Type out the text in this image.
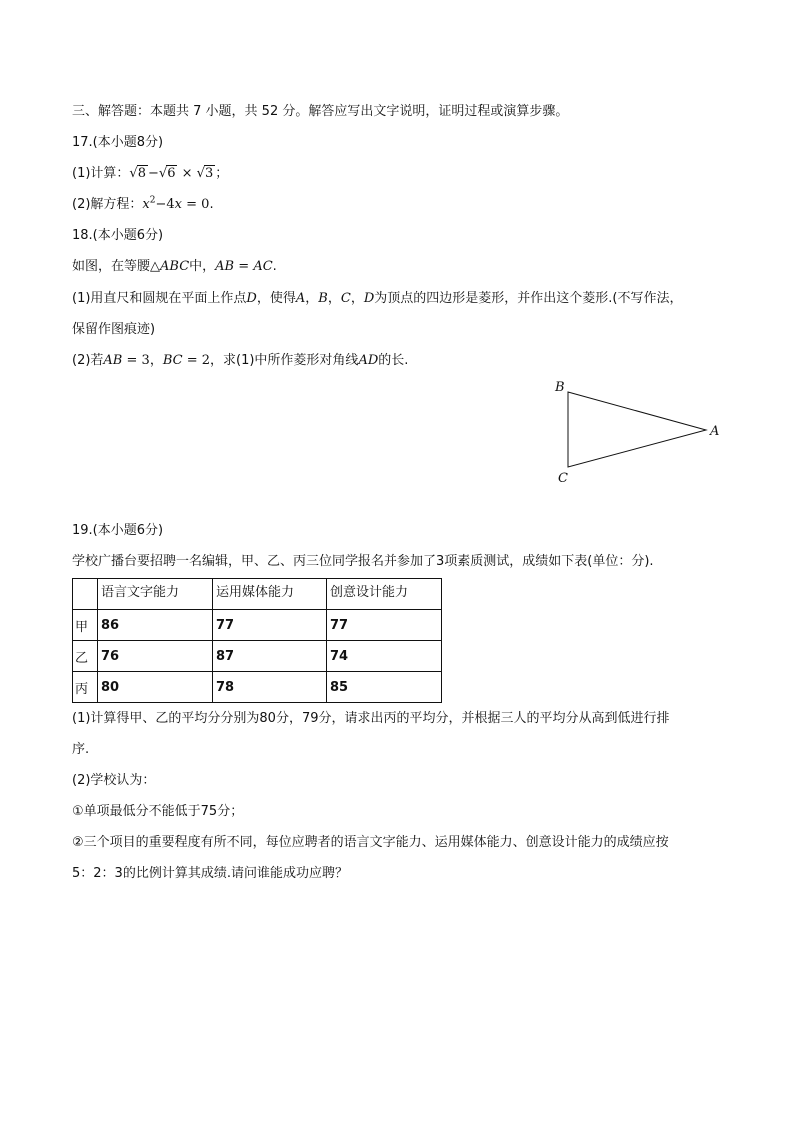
三、解答题：本题共 7 小题，共 52 分。解答应写出文字说明，证明过程或演算步骤。
17.(本小题8分)
(1)计算：√8 −√6 × √3 ；
(2)解方程：$x^2-4x = 0$.
18.(本小题6分)
如图，在等腰△ABC中，AB = AC.
(1)用直尺和圆规在平面上作点D，使得A，B，C，D为顶点的四边形是菱形，并作出这个菱形.(不写作法，
保留作图痕迹)
(2)若AB = 3，BC = 2，求(1)中所作菱形对角线AD的长.
B
A
C
19.(本小题6分)
学校广播台要招聘一名编辑，甲、乙、丙三位同学报名并参加了3项素质测试，成绩如下表(单位：分).
	语言文字能力	运用媒体能力	创意设计能力
甲	86	77	77
乙	76	87	74
丙	80	78	85
(1)计算得甲、乙的平均分分别为80分，79分，请求出丙的平均分，并根据三人的平均分从高到低进行排
序.
(2)学校认为：
①单项最低分不能低于75分；
②三个项目的重要程度有所不同，每位应聘者的语言文字能力、运用媒体能力、创意设计能力的成绩应按
5：2：3的比例计算其成绩.请问谁能成功应聘？
